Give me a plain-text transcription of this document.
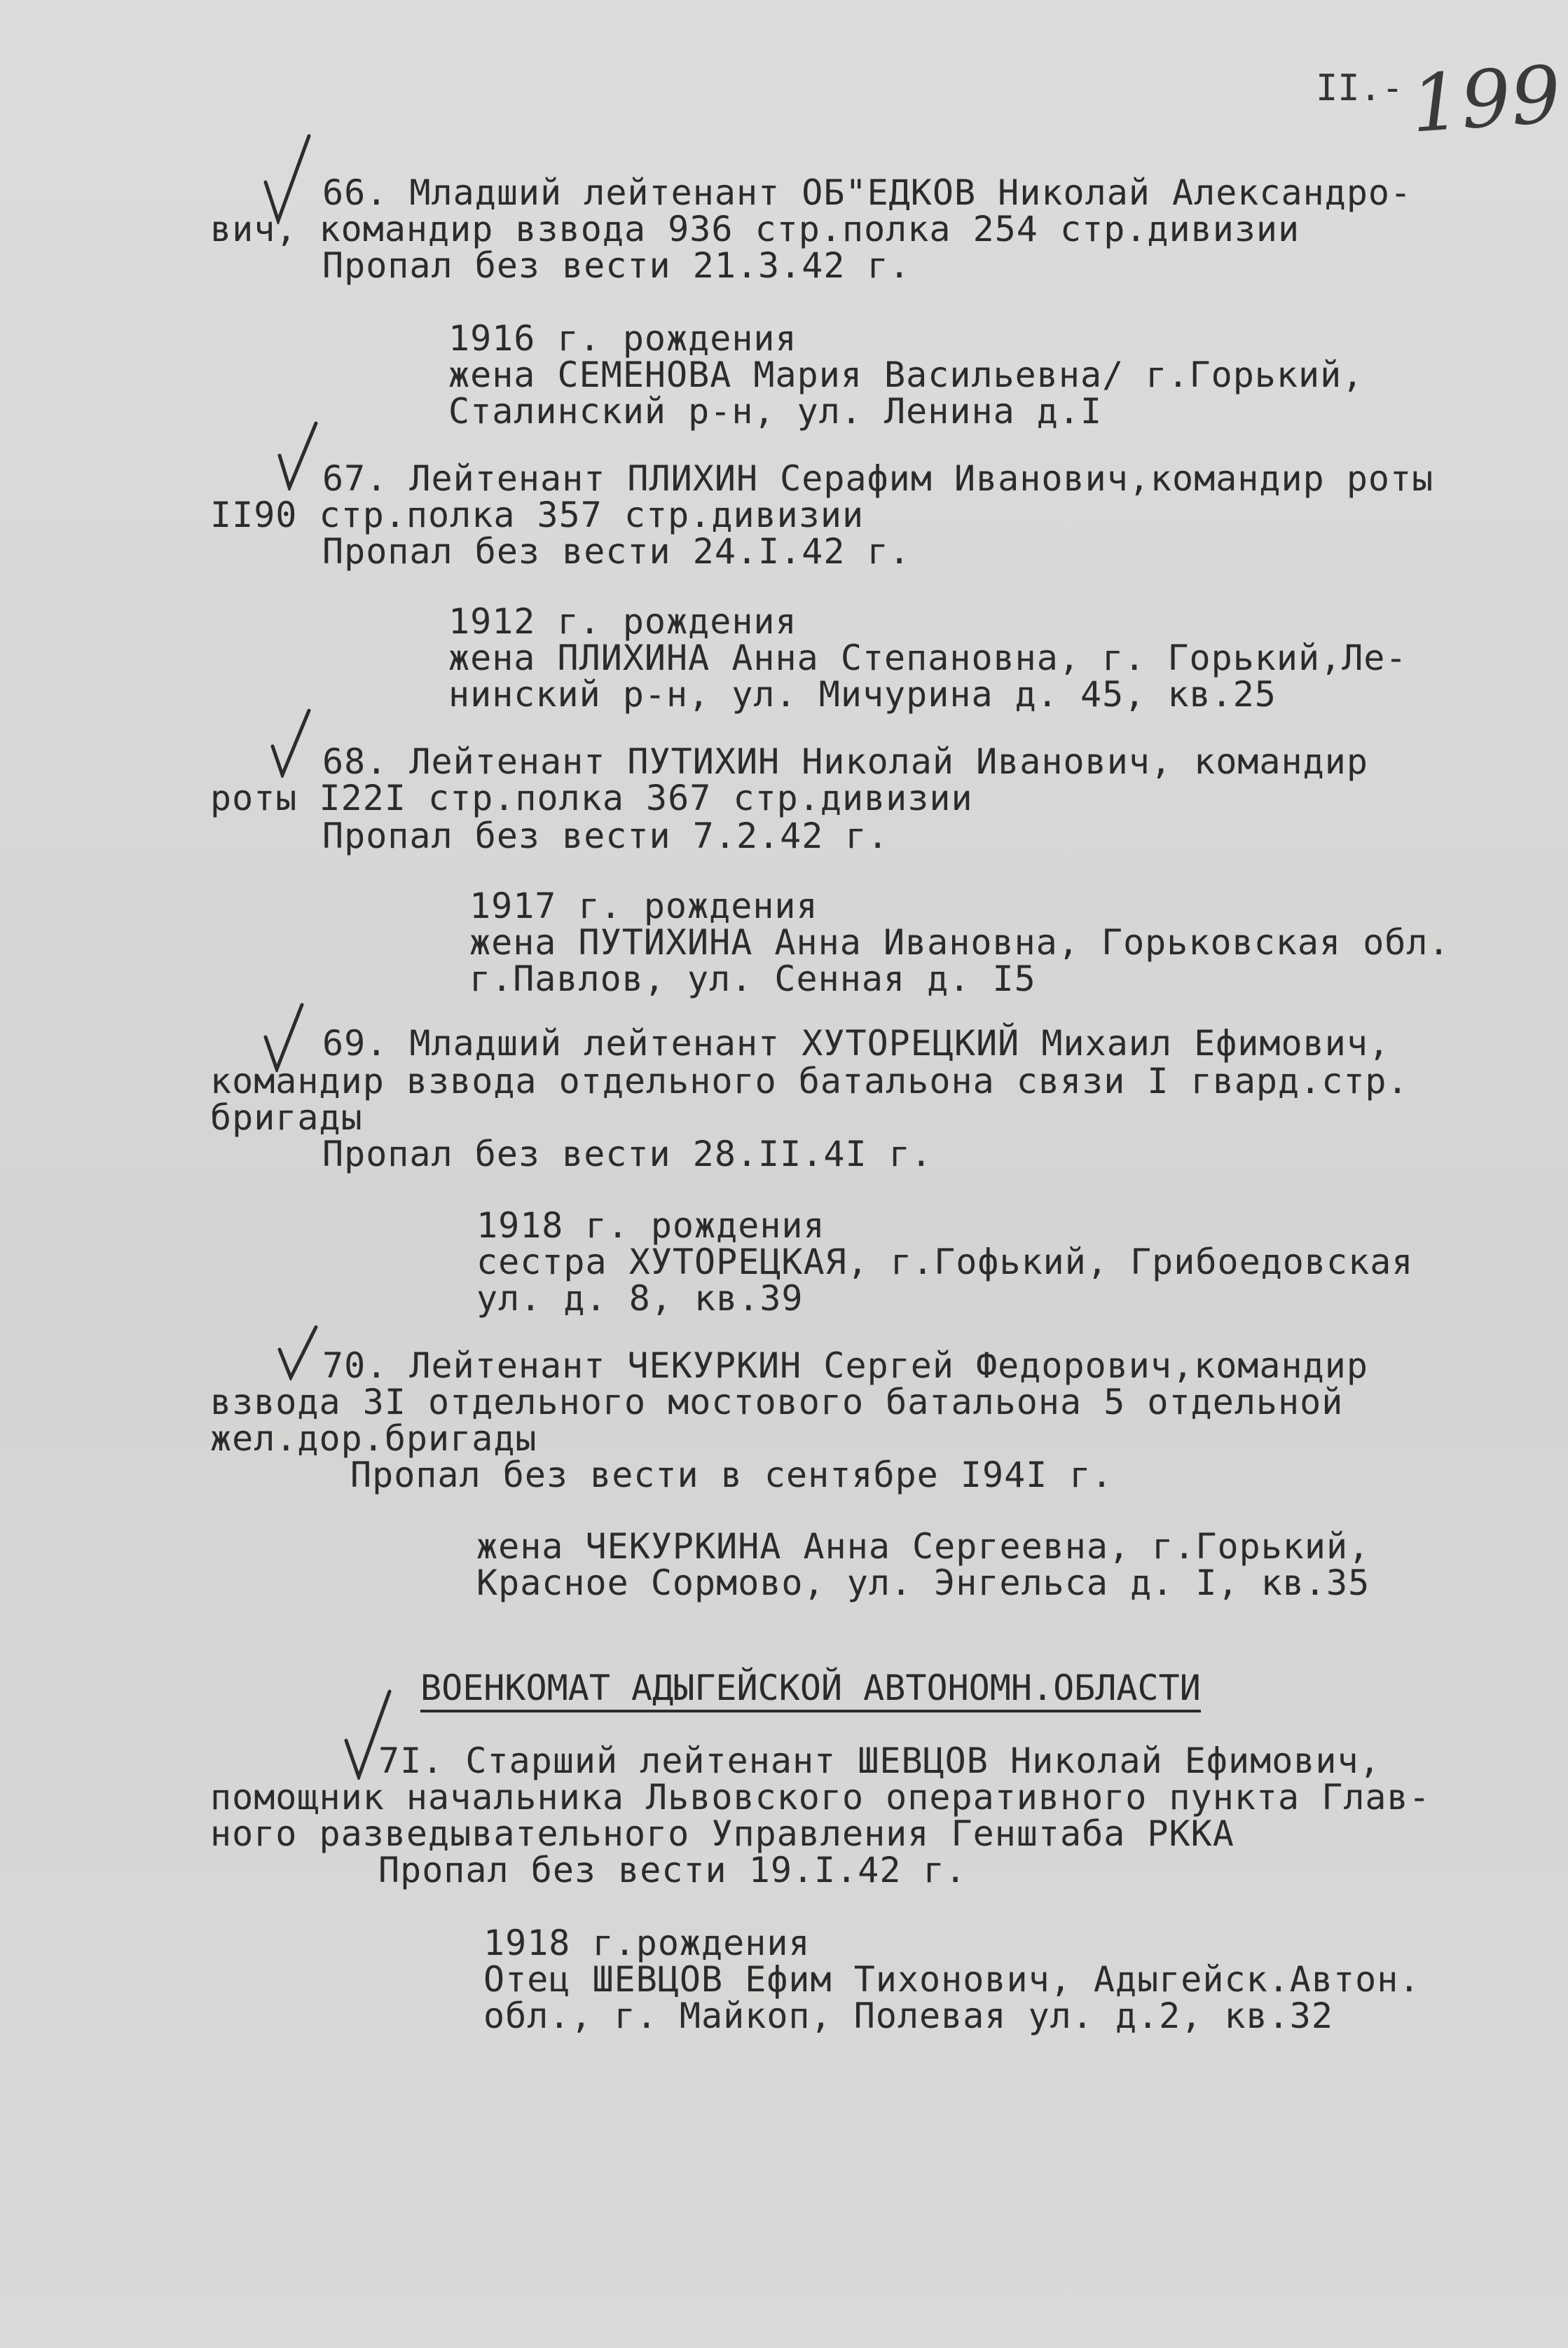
II.- 199
66. Младший лейтенант ОБ"ЕДКОВ Николай Александро-
вич, командир взвода 936 стр.полка 254 стр.дивизии
Пропал без вести 21.3.42 г.
1916 г. рождения
жена СЕМЕНОВА Мария Васильевна/ г.Горький,
Сталинский р-н, ул. Ленина д.I
67. Лейтенант ПЛИХИН Серафим Иванович,командир роты
II90 стр.полка 357 стр.дивизии
Пропал без вести 24.I.42 г.
1912 г. рождения
жена ПЛИХИНА Анна Степановна, г. Горький,Ле-
нинский р-н, ул. Мичурина д. 45, кв.25
68. Лейтенант ПУТИХИН Николай Иванович, командир
роты I22I стр.полка 367 стр.дивизии
Пропал без вести 7.2.42 г.
1917 г. рождения
жена ПУТИХИНА Анна Ивановна, Горьковская обл.
г.Павлов, ул. Сенная д. I5
69. Младший лейтенант ХУТОРЕЦКИЙ Михаил Ефимович,
командир взвода отдельного батальона связи I гвард.стр.
бригады
Пропал без вести 28.II.4I г.
1918 г. рождения
сестра ХУТОРЕЦКАЯ, г.Гофький, Грибоедовская
ул. д. 8, кв.39
70. Лейтенант ЧЕКУРКИН Сергей Федорович,командир
взвода 3I отдельного мостового батальона 5 отдельной
жел.дор.бригады
Пропал без вести в сентябре I94I г.
жена ЧЕКУРКИНА Анна Сергеевна, г.Горький,
Красное Сормово, ул. Энгельса д. I, кв.35
ВОЕНКОМАТ АДЫГЕЙСКОЙ АВТОНОМН.ОБЛАСТИ
7I. Старший лейтенант ШЕВЦОВ Николай Ефимович,
помощник начальника Львовского оперативного пункта Глав-
ного разведывательного Управления Генштаба РККА
Пропал без вести 19.I.42 г.
1918 г.рождения
Отец ШЕВЦОВ Ефим Тихонович, Адыгейск.Автон.
обл., г. Майкоп, Полевая ул. д.2, кв.32
